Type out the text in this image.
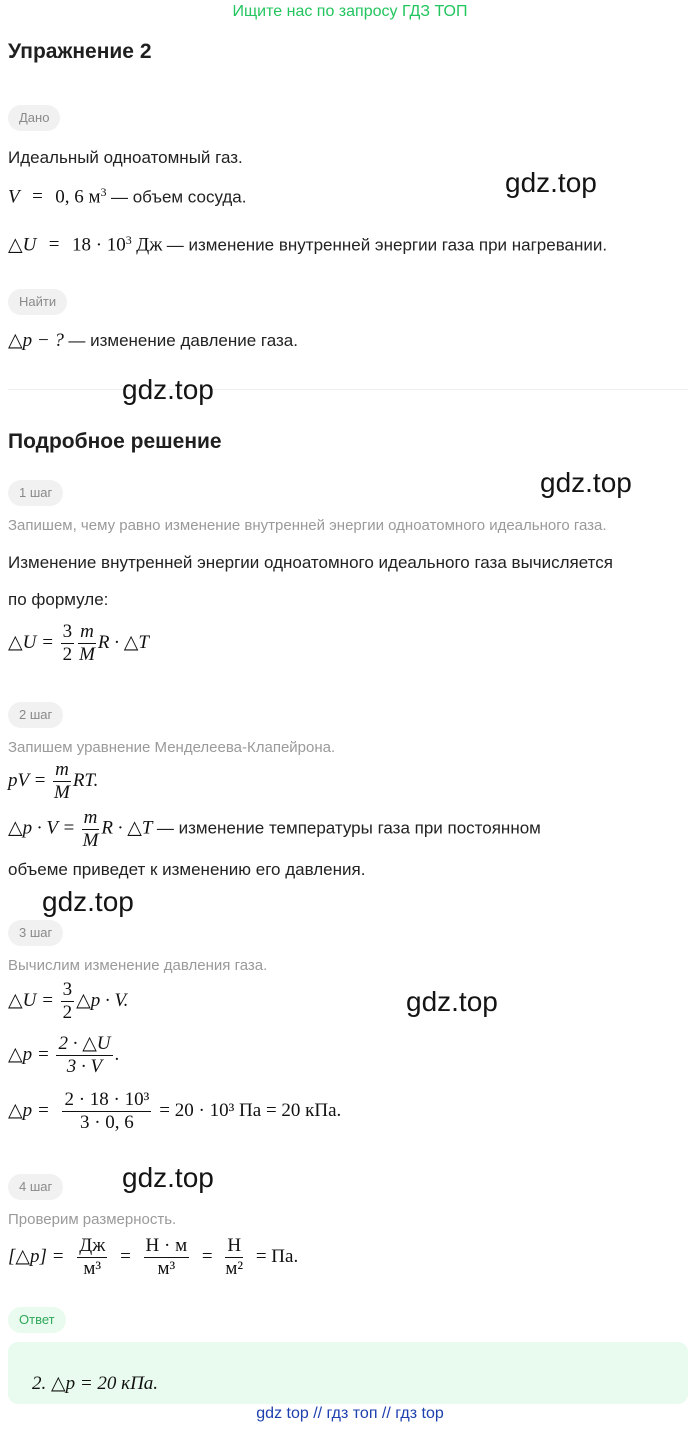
Ищите нас по запросу ГДЗ ТОП
Упражнение 2
Дано
Идеальный одноатомный газ.
V = 0, 6 $м^3$ — объем сосуда.	gdz.top
△U = $18 \cdot 10^3$ Дж — изменение внутренней энергии газа при нагревании.
Найти
△p − ? — изменение давление газа.
gdz.top
Подробное решение
gdz.top
1 шаг
Запишем, чему равно изменение внутренней энергии одноатомного идеального газа.
Изменение внутренней энергии одноатомного идеального газа вычисляется
по формуле:
△U = $\frac{3}{2} \frac{m}{M}$ R · △T
2 шаг
Запишем уравнение Менделеева-Клапейрона.
pV = $\frac{m}{M}$ RT.
△p · $V = \frac{m}{M}$ R · △T — изменение температуры газа при постоянном
объеме приведет к изменению его давления.
gdz.top
3 шаг
Вычислим изменение давления газа.
△U = $\frac{3}{2}$ △p · V.	gdz.top
△p = $\frac{2 \cdot \triangle U}{3 \cdot V}$ .
△p = $\frac{\text{2 · 18 · 10³}}{3 \cdot 0, 6} = 20 \cdot 10^3$ Па = 20 кПа.
gdz.top
4 шаг
Проверим размерность.
[△p] = $\frac{Дж}{\text{м³}} = \frac{Н \cdot м}{\text{м³}} = \frac{Н}{\text{м²}}$ = Па.
Ответ
2. △p = 20 кПа.
gdz top // гдз топ // гдз top
